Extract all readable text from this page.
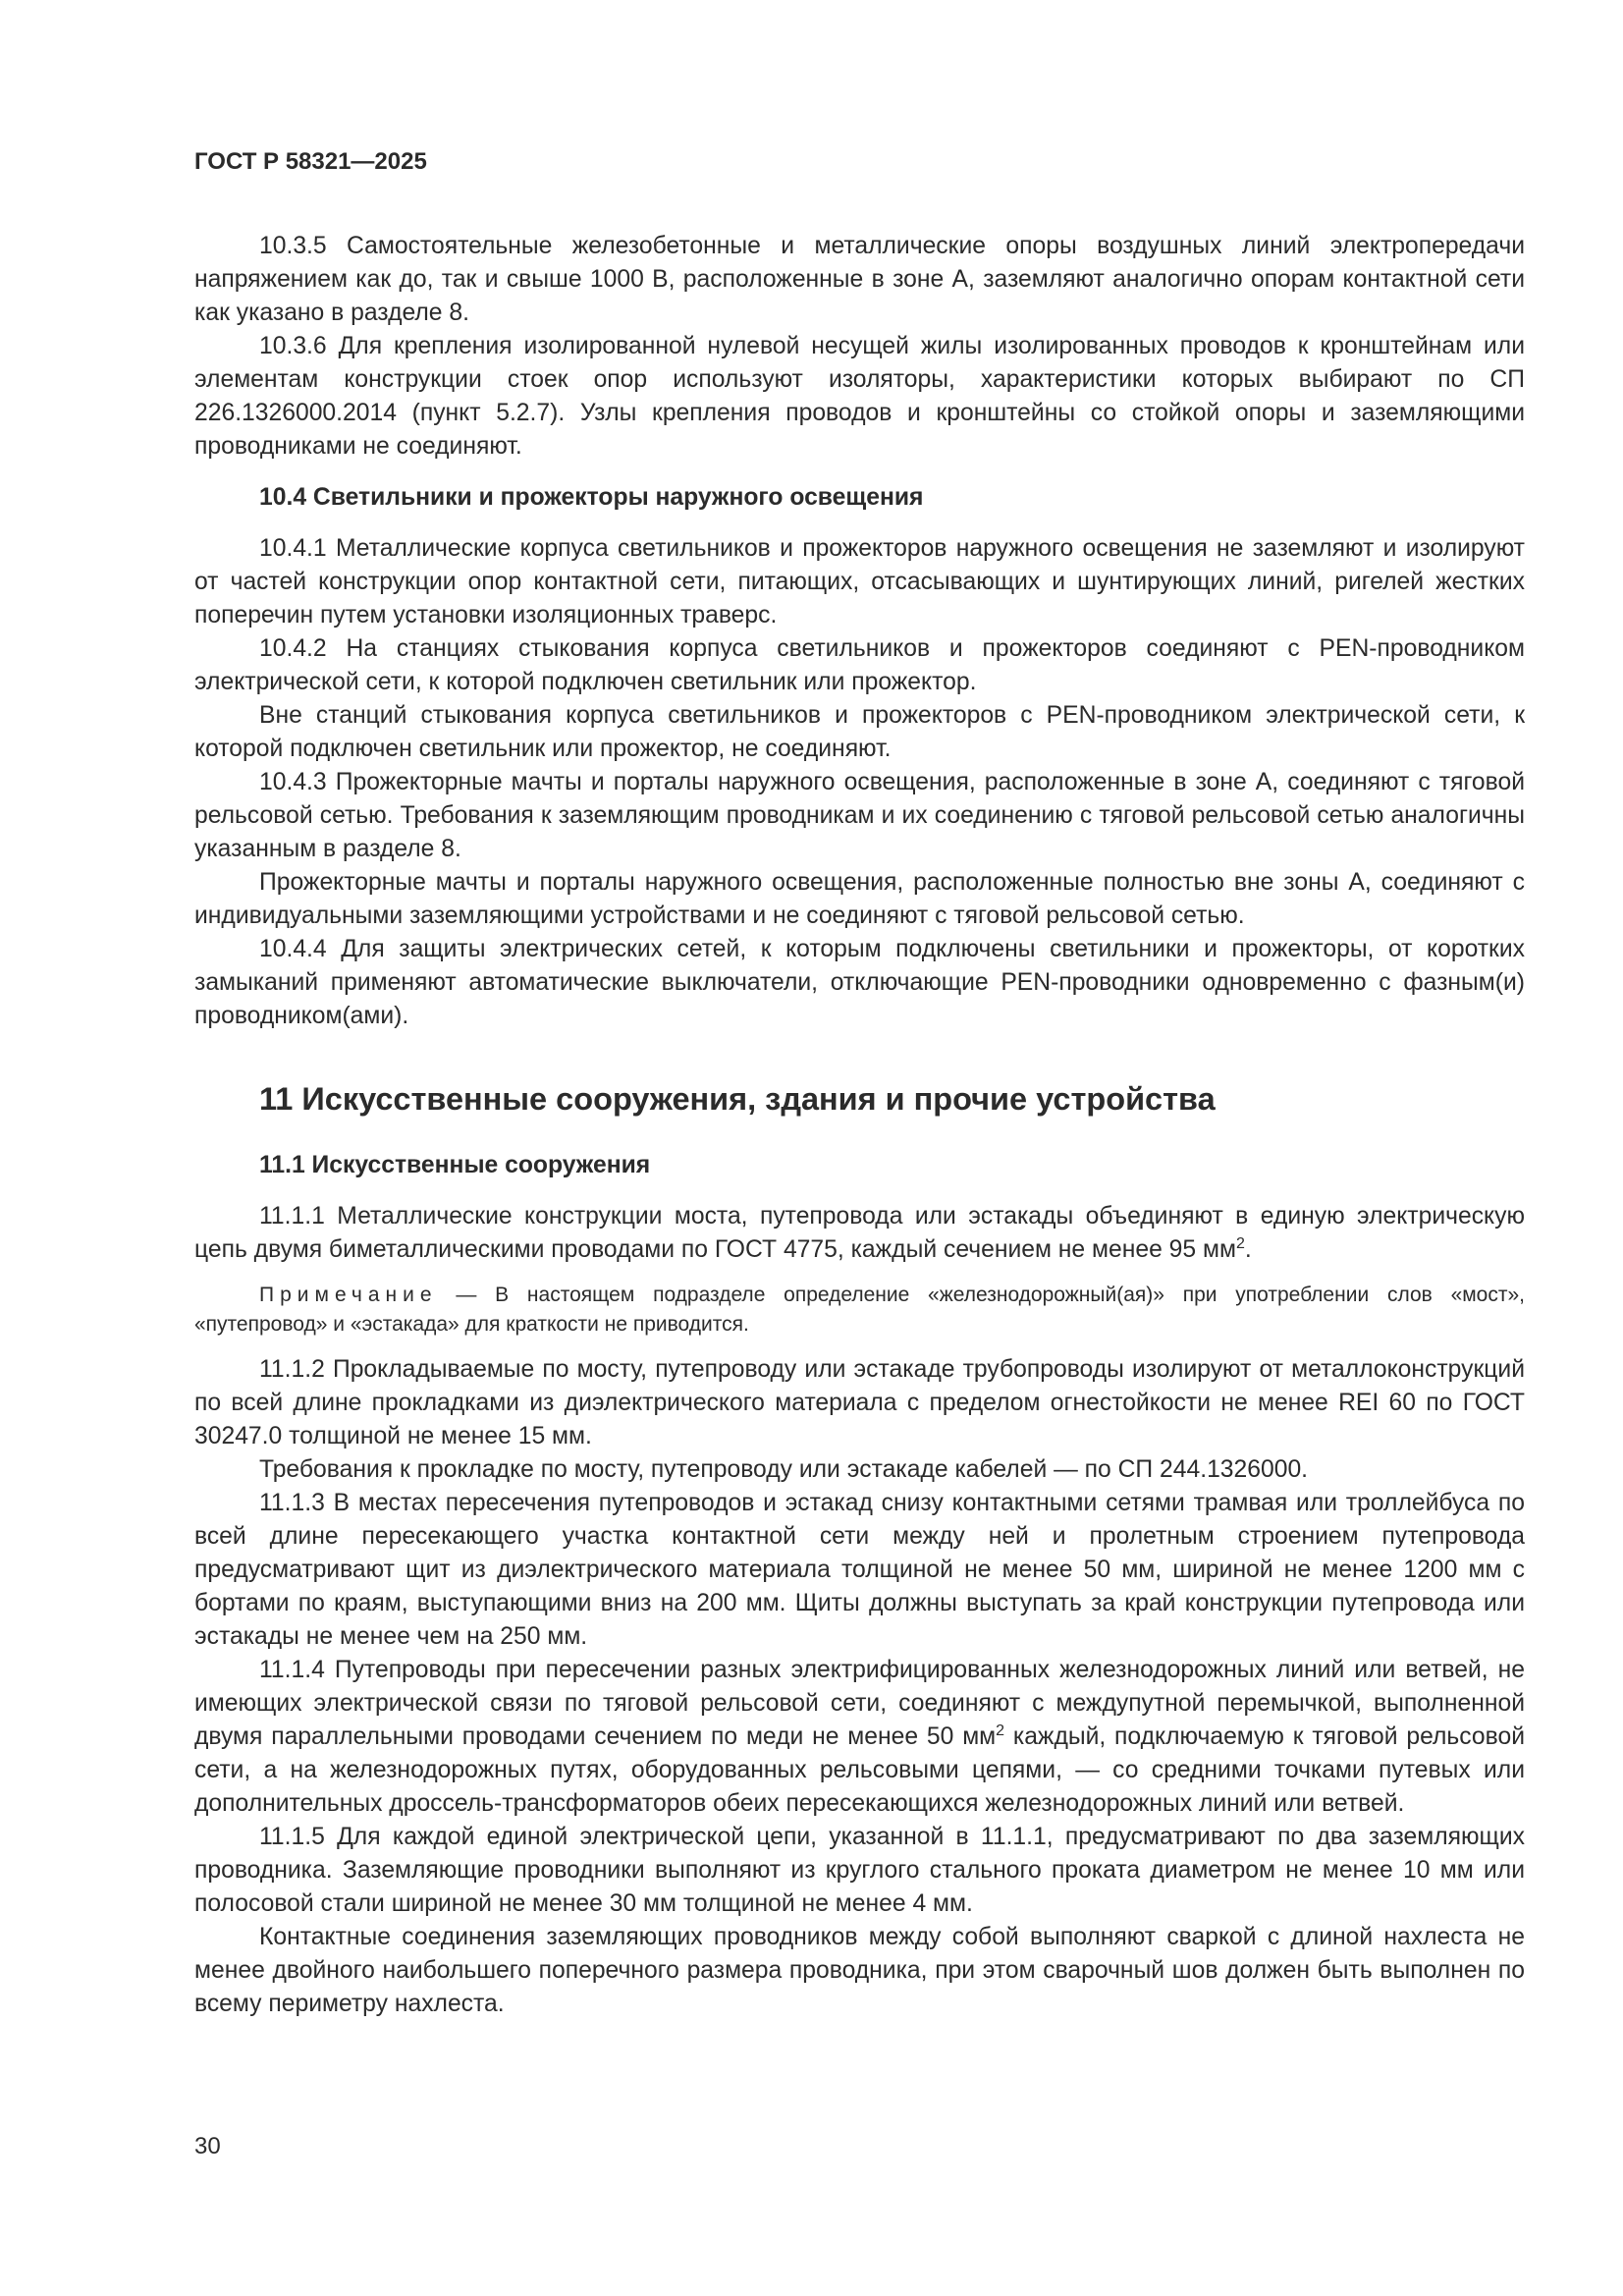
ГОСТ Р 58321—2025

10.3.5 Самостоятельные железобетонные и металлические опоры воздушных линий электропередачи напряжением как до, так и свыше 1000 В, расположенные в зоне А, заземляют аналогично опорам контактной сети как указано в разделе 8.

10.3.6 Для крепления изолированной нулевой несущей жилы изолированных проводов к кронштейнам или элементам конструкции стоек опор используют изоляторы, характеристики которых выбирают по СП 226.1326000.2014 (пункт 5.2.7). Узлы крепления проводов и кронштейны со стойкой опоры и заземляющими проводниками не соединяют.

10.4 Светильники и прожекторы наружного освещения

10.4.1 Металлические корпуса светильников и прожекторов наружного освещения не заземляют и изолируют от частей конструкции опор контактной сети, питающих, отсасывающих и шунтирующих линий, ригелей жестких поперечин путем установки изоляционных траверс.

10.4.2 На станциях стыкования корпуса светильников и прожекторов соединяют с PEN-проводником электрической сети, к которой подключен светильник или прожектор.

Вне станций стыкования корпуса светильников и прожекторов с PEN-проводником электрической сети, к которой подключен светильник или прожектор, не соединяют.

10.4.3 Прожекторные мачты и порталы наружного освещения, расположенные в зоне А, соединяют с тяговой рельсовой сетью. Требования к заземляющим проводникам и их соединению с тяговой рельсовой сетью аналогичны указанным в разделе 8.

Прожекторные мачты и порталы наружного освещения, расположенные полностью вне зоны А, соединяют с индивидуальными заземляющими устройствами и не соединяют с тяговой рельсовой сетью.

10.4.4 Для защиты электрических сетей, к которым подключены светильники и прожекторы, от коротких замыканий применяют автоматические выключатели, отключающие PEN-проводники одновременно с фазным(и) проводником(ами).

11 Искусственные сооружения, здания и прочие устройства
11.1 Искусственные сооружения

11.1.1 Металлические конструкции моста, путепровода или эстакады объединяют в единую электрическую цепь двумя биметаллическими проводами по ГОСТ 4775, каждый сечением не менее 95 $мм^2$.

Примечание — В настоящем подразделе определение «железнодорожный(ая)» при употреблении слов «мост», «путепровод» и «эстакада» для краткости не приводится.

11.1.2 Прокладываемые по мосту, путепроводу или эстакаде трубопроводы изолируют от металлоконструкций по всей длине прокладками из диэлектрического материала с пределом огнестойкости не менее REI 60 по ГОСТ 30247.0 толщиной не менее 15 мм.

Требования к прокладке по мосту, путепроводу или эстакаде кабелей — по СП 244.1326000.

11.1.3 В местах пересечения путепроводов и эстакад снизу контактными сетями трамвая или троллейбуса по всей длине пересекающего участка контактной сети между ней и пролетным строением путепровода предусматривают щит из диэлектрического материала толщиной не менее 50 мм, шириной не менее 1200 мм с бортами по краям, выступающими вниз на 200 мм. Щиты должны выступать за край конструкции путепровода или эстакады не менее чем на 250 мм.

11.1.4 Путепроводы при пересечении разных электрифицированных железнодорожных линий или ветвей, не имеющих электрической связи по тяговой рельсовой сети, соединяют с междупутной перемычкой, выполненной двумя параллельными проводами сечением по меди не менее 50 $мм^2$ каждый, подключаемую к тяговой рельсовой сети, а на железнодорожных путях, оборудованных рельсовыми цепями, — со средними точками путевых или дополнительных дроссель-трансформаторов обеих пересекающихся железнодорожных линий или ветвей.

11.1.5 Для каждой единой электрической цепи, указанной в 11.1.1, предусматривают по два заземляющих проводника. Заземляющие проводники выполняют из круглого стального проката диаметром не менее 10 мм или полосовой стали шириной не менее 30 мм толщиной не менее 4 мм.

Контактные соединения заземляющих проводников между собой выполняют сваркой с длиной нахлеста не менее двойного наибольшего поперечного размера проводника, при этом сварочный шов должен быть выполнен по всему периметру нахлеста.

30
